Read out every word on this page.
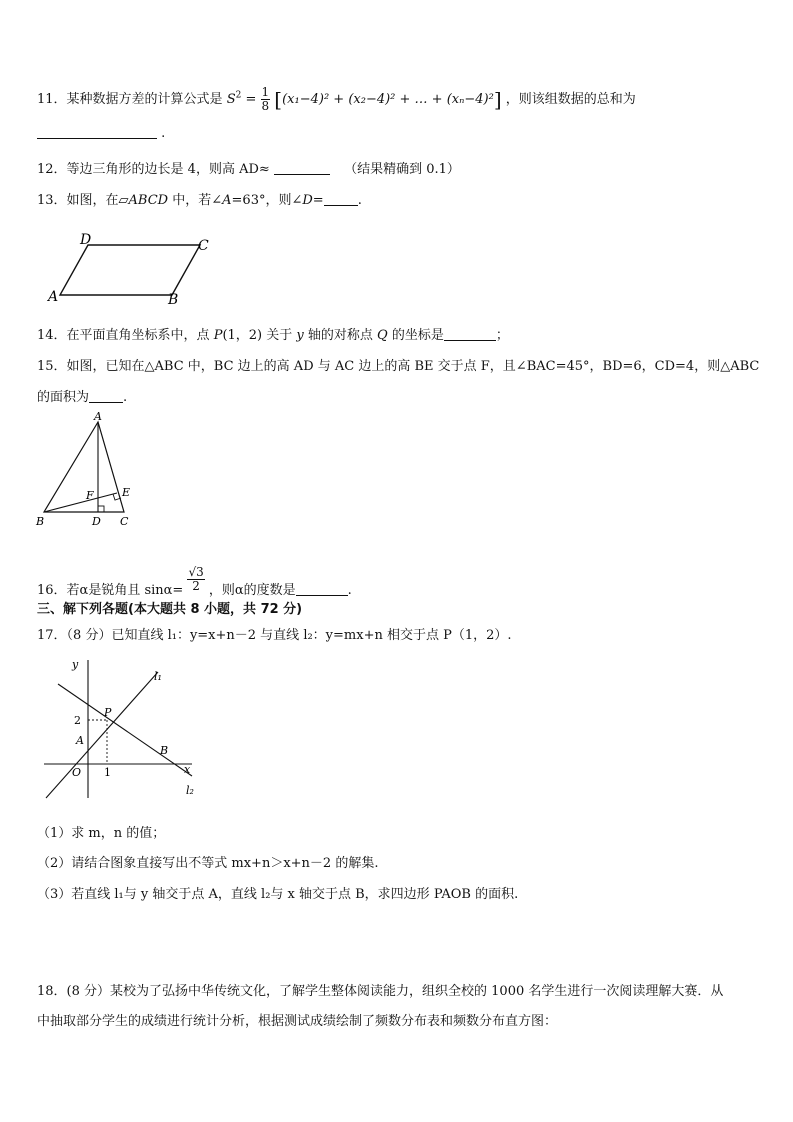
11．某种数据方差的计算公式是 $S^2 = \frac{1}{8} [(x_1-4)^2 + (x_2-4)^2$ + … + (xₙ−4)²] ，则该组数据的总和为
.
12．等边三角形的边长是 4，则高 AD≈	（结果精确到 0.1）
13．如图，在▱ABCD 中，若∠A=63°，则∠D=	.
D	C
A	B
14．在平面直角坐标系中，点 P(1，2) 关于 y 轴的对称点 Q 的坐标是	；
15．如图，已知在△ABC 中，BC 边上的高 AD 与 AC 边上的高 BE 交于点 F，且∠BAC=45°，BD=6，CD=4，则△ABC
的面积为	.
A
F	E
B	D C
16．若α是锐角且 $\sin\alpha= \frac{√3}{2}$ ，则α的度数是	.
三、解下列各题(本大题共 8 小题，共 72 分)
17．（8 分）已知直线 l₁：y=x+n－2 与直线 l₂：y=mx+n 相交于点 P（1，2）.
y
l₁
P
2
A
B
O 1	x
l₂
（1）求 m，n 的值；
（2）请结合图象直接写出不等式 mx+n＞x+n－2 的解集.
（3）若直线 l₁与 y 轴交于点 A，直线 l₂与 x 轴交于点 B，求四边形 PAOB 的面积.
18．(8 分）某校为了弘扬中华传统文化，了解学生整体阅读能力，组织全校的 1000 名学生进行一次阅读理解大赛．从
中抽取部分学生的成绩进行统计分析，根据测试成绩绘制了频数分布表和频数分布直方图：
